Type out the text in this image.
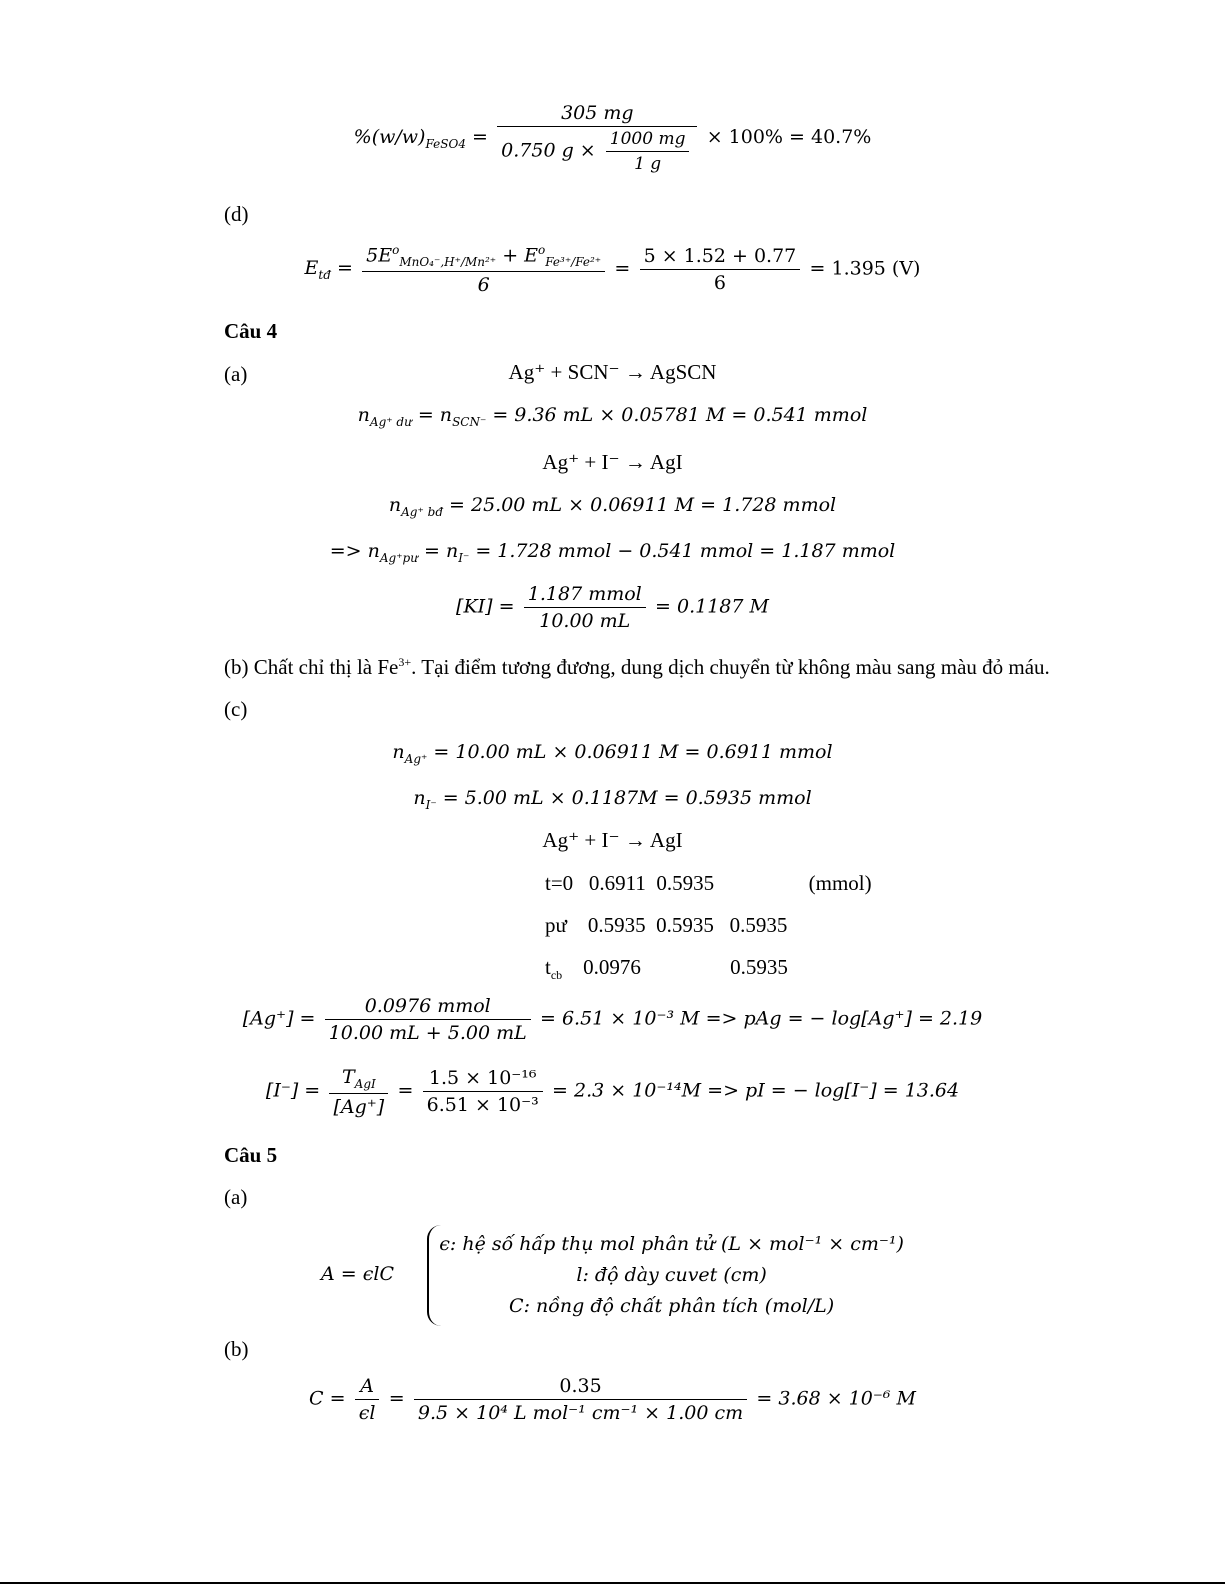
$\%(w/w)_{FeSO4} = \frac{305 mg}{0.750 g \times \frac{1000 mg}{1 g}} \times 100\% = 40.7\%$
(d)
$E_{tđ} = \frac{5E^o_{MnO_4^-,H^+/Mn^{2+}} + E^o_{Fe^{3+}/Fe^{2+}}}{6} = \frac{5 \times 1.52 + 0.77}{6} = 1.395$ (V)
Câu 4
(a)	Ag⁺ + SCN⁻ → AgSCN
$n_{Ag^+ dư} = n_{SCN^-} = 9.36$ mL × 0.05781 M = 0.541 mmol
Ag⁺ + I⁻ → AgI
$n_{Ag^+ bđ} = 25.00$ mL × 0.06911 M = 1.728 mmol
=> $n_{Ag^+pư} = n_{I^-} = 1.728$ mmol − 0.541 mmol = 1.187 mmol
$[KI] = \frac{\text{1.187 mmol}}{10.00 mL} = 0.1187$ M
(b) Chất chỉ thị là $Fe^{3+}$. Tại điểm tương đương, dung dịch chuyển từ không màu sang màu đỏ máu.
(c)
$n_{Ag^+} = 10.00$ mL × 0.06911 M = 0.6911 mmol
$n_{I^-} = 5.00$ mL × 0.1187M = 0.5935 mmol
Ag⁺ + I⁻ → AgI
t=0   0.6911  0.5935                  (mmol)
pư    0.5935  0.5935   0.5935
$t_{cb}$    0.0976                 0.5935
$[Ag^+] = \frac{\text{0.0976 mmol}}{10.00 mL + 5.00 mL} = 6.51 \times 10^{-3}$ M => pAg = − log[Ag⁺] = 2.19
$[I^-] = \frac{T_{AgI}}{[Ag^+]} = \frac{\text{1.5 × 10⁻¹⁶}}{\text{6.51 × 10⁻³}} = 2.3 \times 10^{-14}M$ => pI = − log[I⁻] = 13.64
Câu 5
(a)
A = ϵlC
ϵ: hệ số hấp thụ mol phân tử (L × mol⁻¹ × cm⁻¹)
l: độ dày cuvet (cm)
C: nồng độ chất phân tích (mol/L)
(b)
$C = \frac{A}{\epsilon l} = \frac{0.35}{\text{9.5 × 10⁴ L mol⁻¹ cm⁻¹ × 1.00 cm}} = 3.68 \times 10^{-6}$ M
